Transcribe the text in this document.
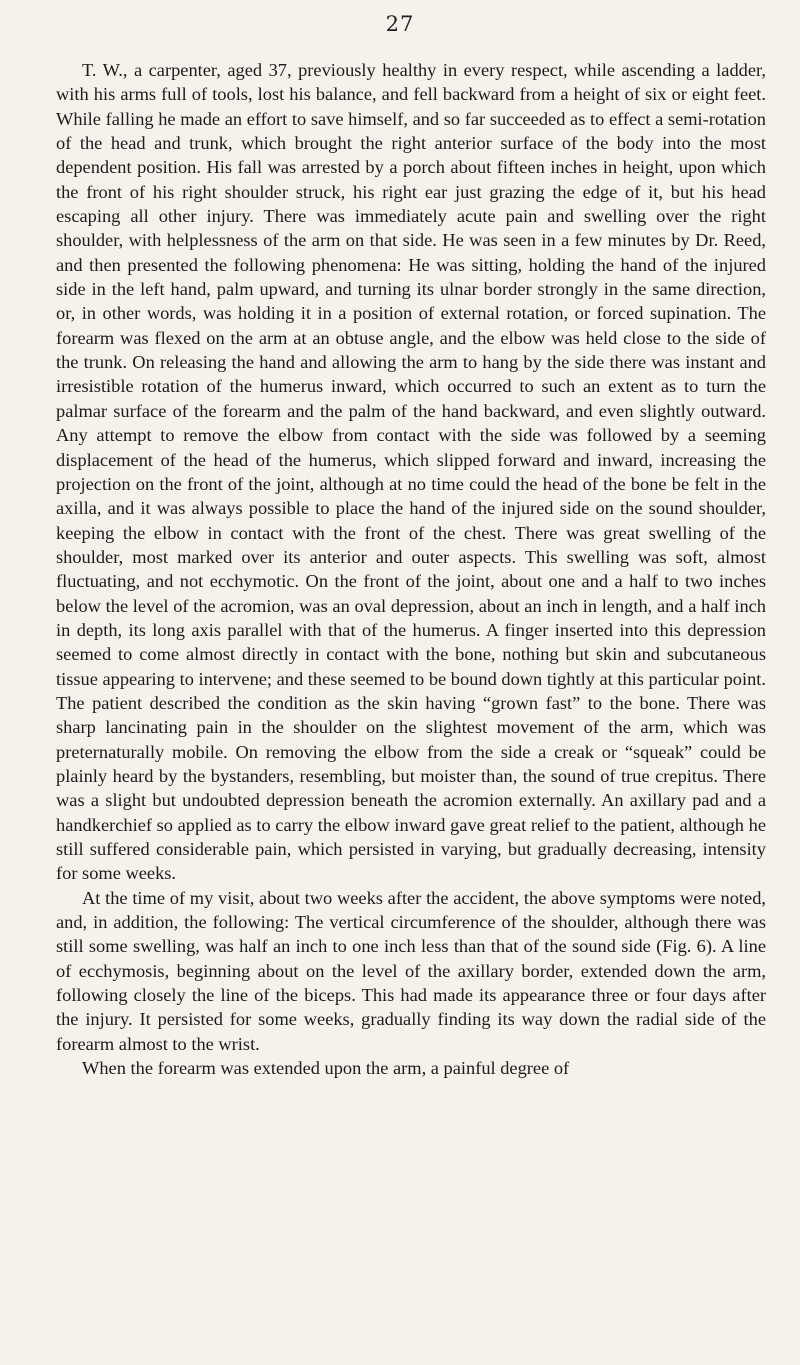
27

T. W., a carpenter, aged 37, previously healthy in every respect, while ascending a ladder, with his arms full of tools, lost his balance, and fell backward from a height of six or eight feet. While falling he made an effort to save himself, and so far succeeded as to effect a semi-rotation of the head and trunk, which brought the right anterior surface of the body into the most dependent position. His fall was arrested by a porch about fifteen inches in height, upon which the front of his right shoulder struck, his right ear just grazing the edge of it, but his head escaping all other injury. There was immediately acute pain and swelling over the right shoulder, with helplessness of the arm on that side. He was seen in a few minutes by Dr. Reed, and then presented the following phenomena: He was sitting, holding the hand of the injured side in the left hand, palm upward, and turning its ulnar border strongly in the same direction, or, in other words, was holding it in a position of external rotation, or forced supination. The forearm was flexed on the arm at an obtuse angle, and the elbow was held close to the side of the trunk. On releasing the hand and allowing the arm to hang by the side there was instant and irresistible rotation of the humerus inward, which occurred to such an extent as to turn the palmar surface of the forearm and the palm of the hand backward, and even slightly outward. Any attempt to remove the elbow from contact with the side was followed by a seeming displacement of the head of the humerus, which slipped forward and inward, increasing the projection on the front of the joint, although at no time could the head of the bone be felt in the axilla, and it was always possible to place the hand of the injured side on the sound shoulder, keeping the elbow in contact with the front of the chest. There was great swelling of the shoulder, most marked over its anterior and outer aspects. This swelling was soft, almost fluctuating, and not ecchymotic. On the front of the joint, about one and a half to two inches below the level of the acromion, was an oval depression, about an inch in length, and a half inch in depth, its long axis parallel with that of the humerus. A finger inserted into this depression seemed to come almost directly in contact with the bone, nothing but skin and subcutaneous tissue appearing to intervene; and these seemed to be bound down tightly at this particular point. The patient described the condition as the skin having “grown fast” to the bone. There was sharp lancinating pain in the shoulder on the slightest movement of the arm, which was preternaturally mobile. On removing the elbow from the side a creak or “squeak” could be plainly heard by the bystanders, resembling, but moister than, the sound of true crepitus. There was a slight but undoubted depression beneath the acromion externally. An axillary pad and a handkerchief so applied as to carry the elbow inward gave great relief to the patient, although he still suffered considerable pain, which persisted in varying, but gradually decreasing, intensity for some weeks.

At the time of my visit, about two weeks after the accident, the above symptoms were noted, and, in addition, the following: The vertical circumference of the shoulder, although there was still some swelling, was half an inch to one inch less than that of the sound side (Fig. 6). A line of ecchymosis, beginning about on the level of the axillary border, extended down the arm, following closely the line of the biceps. This had made its appearance three or four days after the injury. It persisted for some weeks, gradually finding its way down the radial side of the forearm almost to the wrist.

When the forearm was extended upon the arm, a painful degree of
